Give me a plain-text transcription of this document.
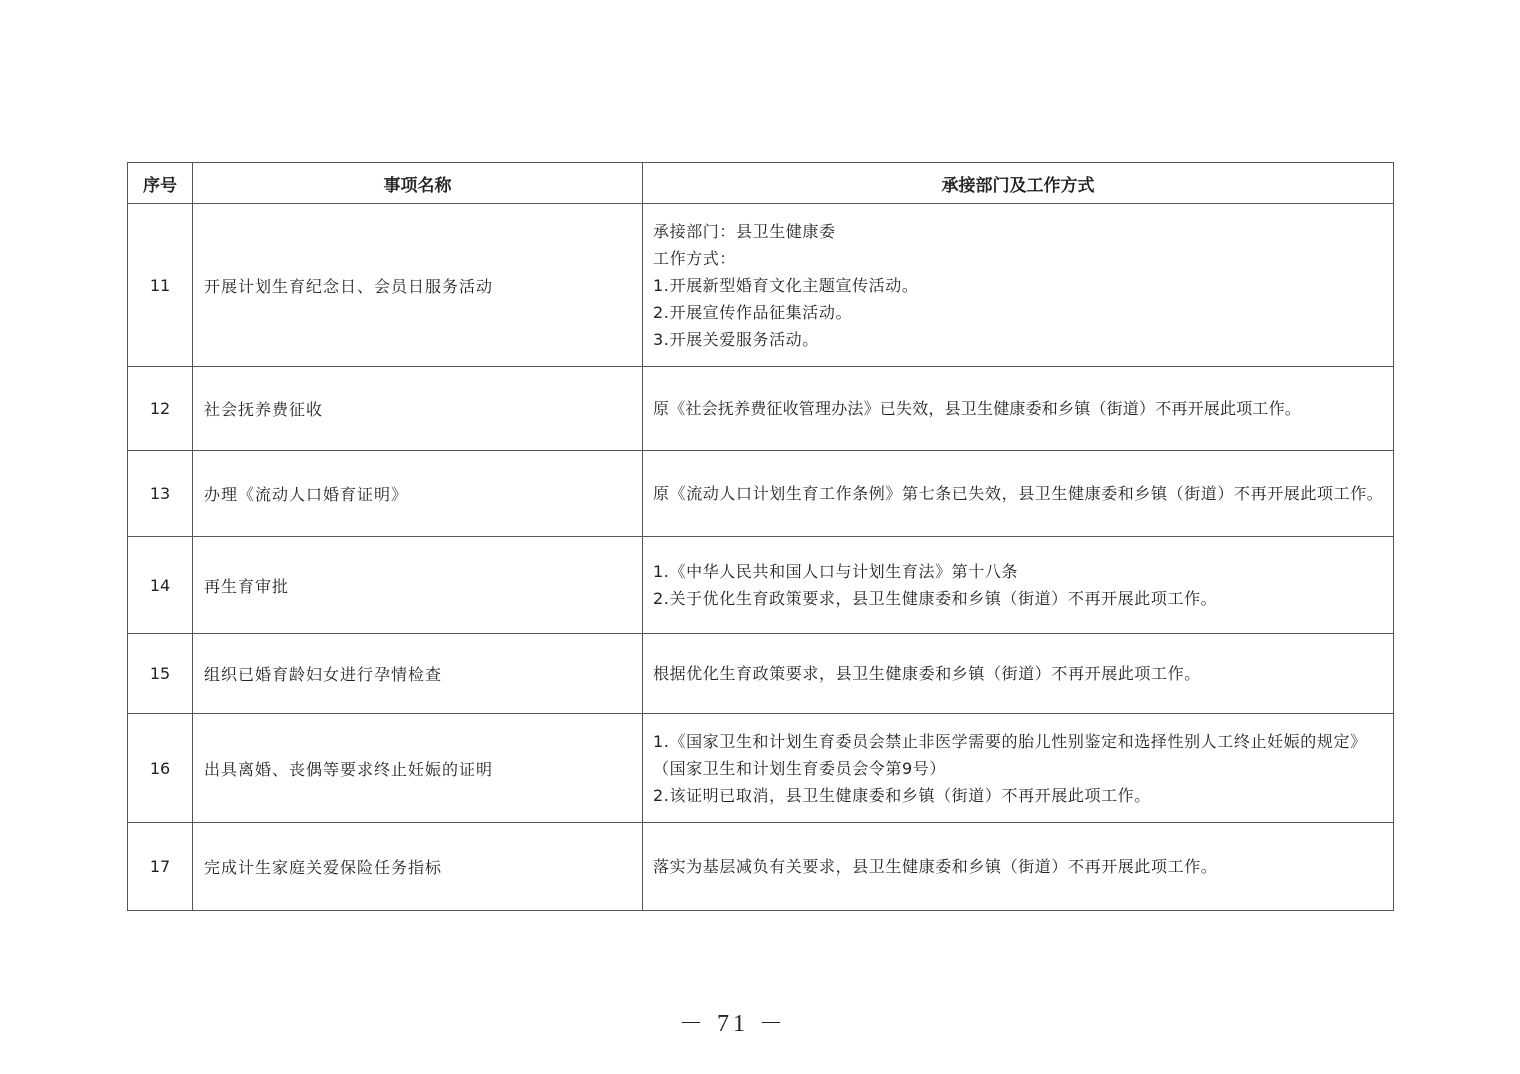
序号	事项名称	承接部门及工作方式
11	开展计划生育纪念日、会员日服务活动	承接部门：县卫生健康委
工作方式：
1.开展新型婚育文化主题宣传活动。
2.开展宣传作品征集活动。
3.开展关爱服务活动。

12	社会抚养费征收	原《社会抚养费征收管理办法》已失效，县卫生健康委和乡镇（街道）不再开展此项工作。

13	办理《流动人口婚育证明》	原《流动人口计划生育工作条例》第七条已失效，县卫生健康委和乡镇（街道）不再开展此项工作。

14	再生育审批	1.《中华人民共和国人口与计划生育法》第十八条
2.关于优化生育政策要求，县卫生健康委和乡镇（街道）不再开展此项工作。

15	组织已婚育龄妇女进行孕情检查	根据优化生育政策要求，县卫生健康委和乡镇（街道）不再开展此项工作。

16	出具离婚、丧偶等要求终止妊娠的证明	1.《国家卫生和计划生育委员会禁止非医学需要的胎儿性别鉴定和选择性别人工终止妊娠的规定》（国家卫生和计划生育委员会令第9号）
2.该证明已取消，县卫生健康委和乡镇（街道）不再开展此项工作。

17	完成计生家庭关爱保险任务指标	落实为基层减负有关要求，县卫生健康委和乡镇（街道）不再开展此项工作。
－ 71 －
